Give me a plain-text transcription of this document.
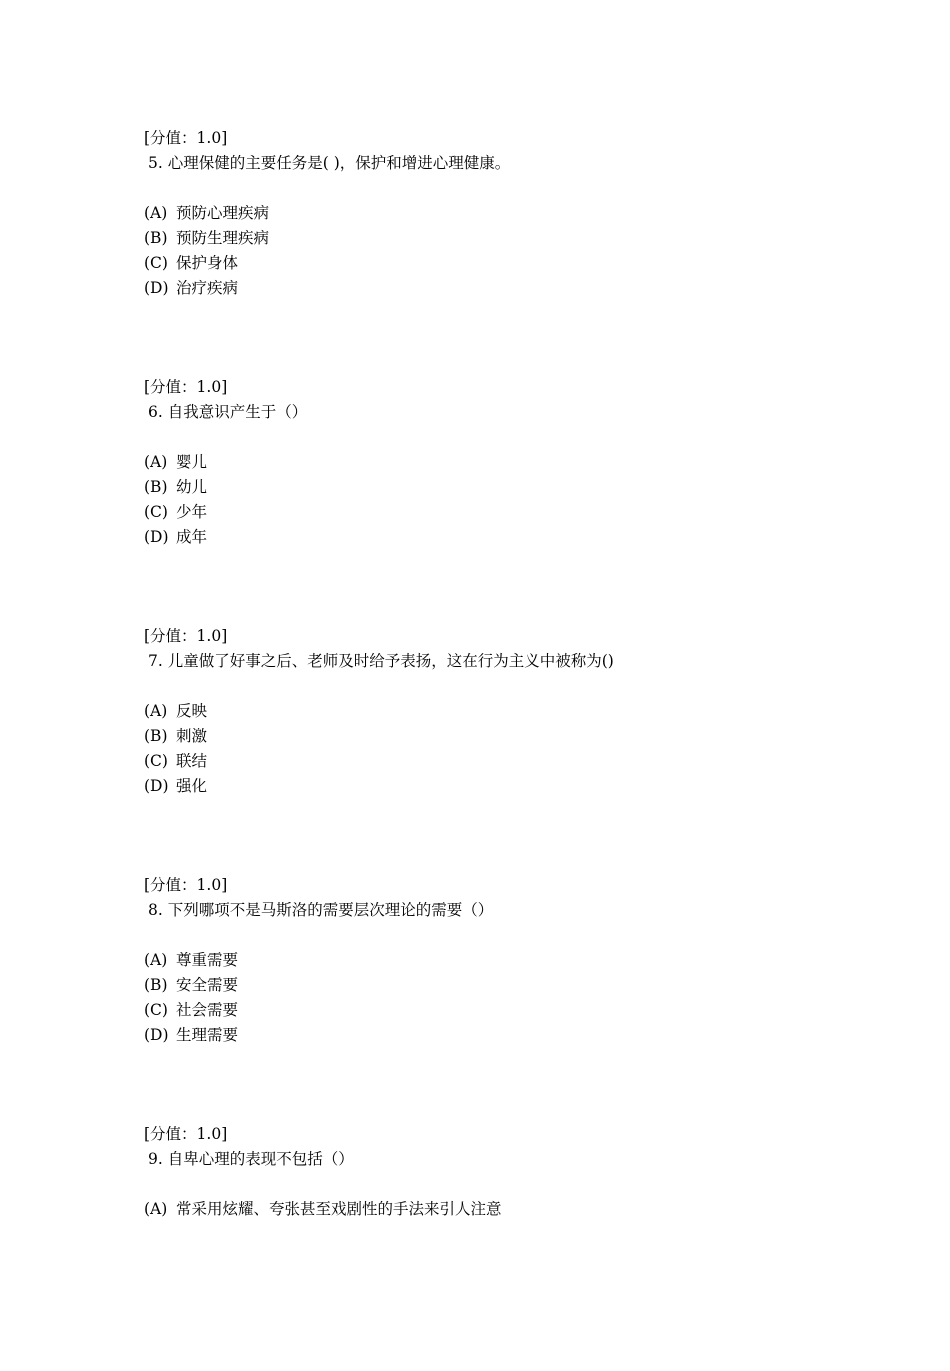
[分值：1.0]
5. 心理保健的主要任务是( )，保护和增进心理健康。
(A) 预防心理疾病
(B) 预防生理疾病
(C) 保护身体
(D) 治疗疾病
[分值：1.0]
6. 自我意识产生于（）
(A) 婴儿
(B) 幼儿
(C) 少年
(D) 成年
[分值：1.0]
7. 儿童做了好事之后、老师及时给予表扬，这在行为主义中被称为()
(A) 反映
(B) 刺激
(C) 联结
(D) 强化
[分值：1.0]
8. 下列哪项不是马斯洛的需要层次理论的需要（）
(A) 尊重需要
(B) 安全需要
(C) 社会需要
(D) 生理需要
[分值：1.0]
9. 自卑心理的表现不包括（）
(A) 常采用炫耀、夸张甚至戏剧性的手法来引人注意
